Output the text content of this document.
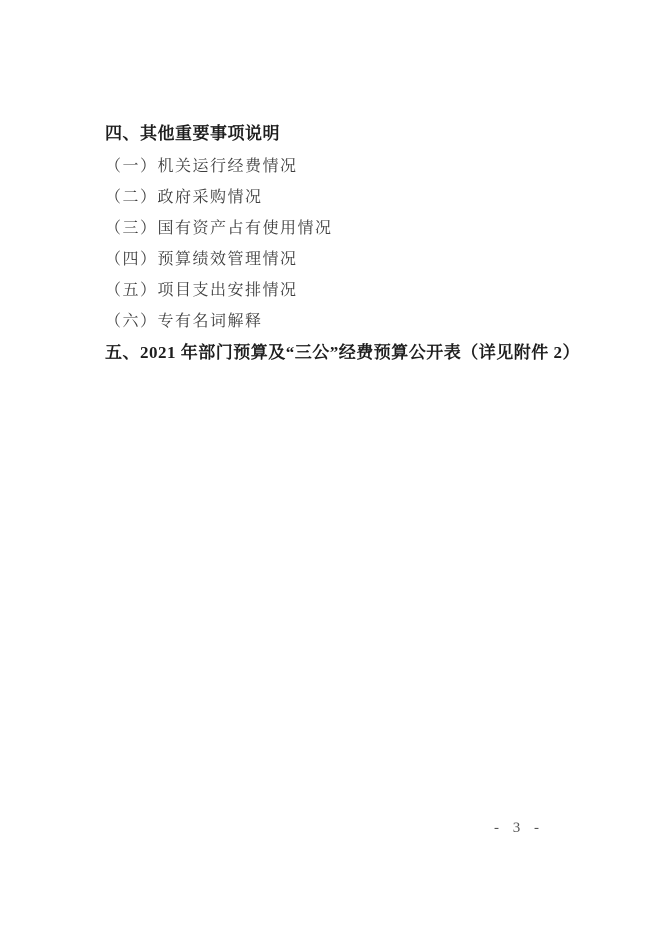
四、其他重要事项说明
（一）机关运行经费情况
（二）政府采购情况
（三）国有资产占有使用情况
（四）预算绩效管理情况
（五）项目支出安排情况
（六）专有名词解释
五、2021 年部门预算及“三公”经费预算公开表（详见附件 2）
- 3 -
